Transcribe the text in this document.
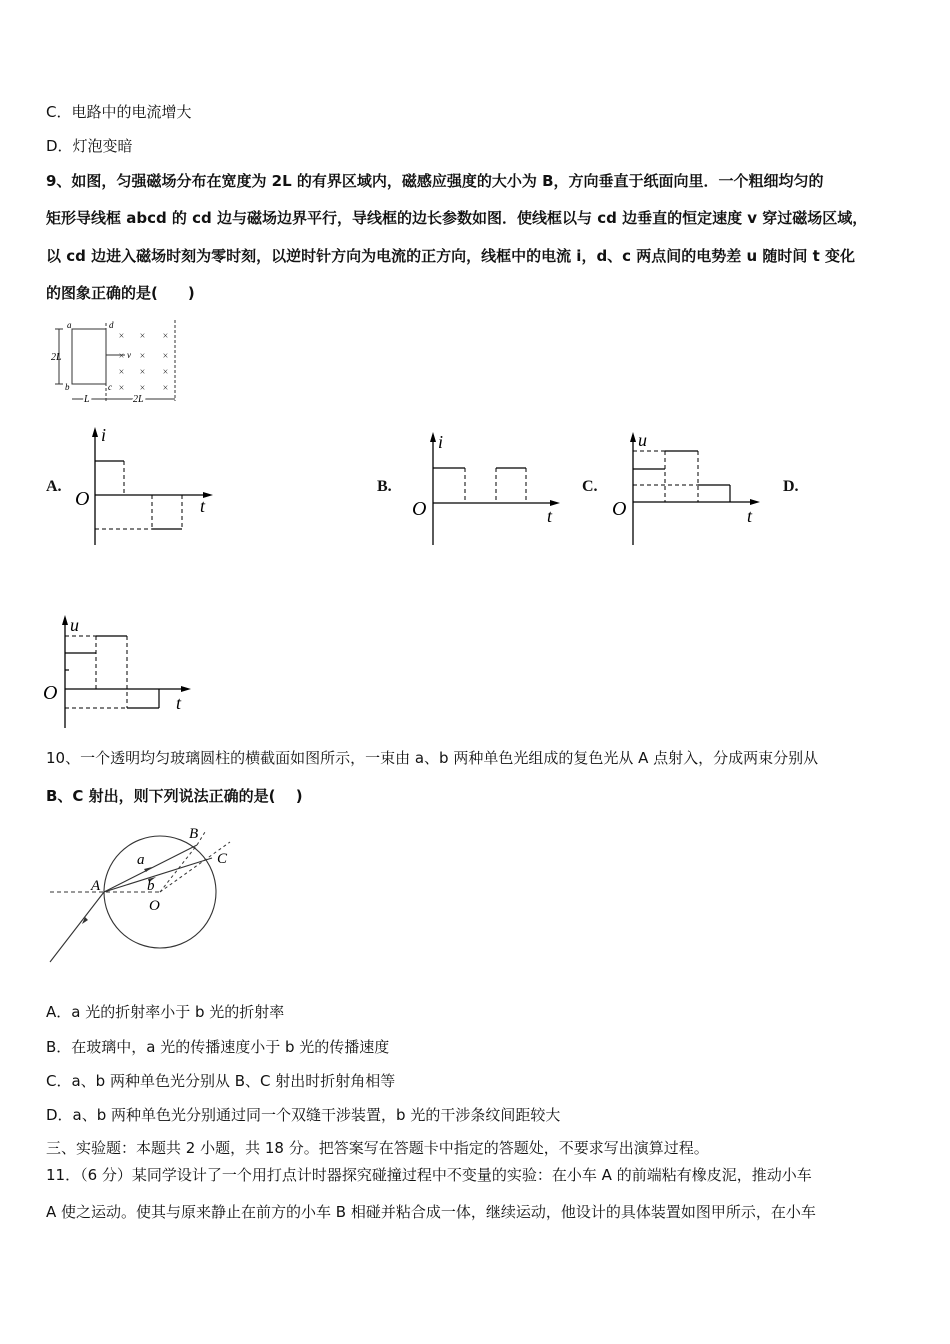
C．电路中的电流增大
D．灯泡变暗
9、如图，匀强磁场分布在宽度为 2L 的有界区域内，磁感应强度的大小为 B，方向垂直于纸面向里．一个粗细均匀的
矩形导线框 abcd 的 cd 边与磁场边界平行，导线框的边长参数如图．使线框以与 cd 边垂直的恒定速度 v 穿过磁场区域，
以 cd 边进入磁场时刻为零时刻，以逆时针方向为电流的正方向，线框中的电流 i，d、c 两点间的电势差 u 随时间 t 变化
的图象正确的是(　　)
a	d
b	c
2L	v
× × ×
× × ×
× × ×
× × ×
L	2L
A.
i
O	t
B.
i
O	t
C.
u
O	t
D.
u
O	t
10、一个透明均匀玻璃圆柱的横截面如图所示，一束由 a、b 两种单色光组成的复色光从 A 点射入，分成两束分别从
B、C 射出，则下列说法正确的是(　 )
A
B
C
O
a
b
A．a 光的折射率小于 b 光的折射率
B．在玻璃中，a 光的传播速度小于 b 光的传播速度
C．a、b 两种单色光分别从 B、C 射出时折射角相等
D．a、b 两种单色光分别通过同一个双缝干涉装置，b 光的干涉条纹间距较大
三、实验题：本题共 2 小题，共 18 分。把答案写在答题卡中指定的答题处，不要求写出演算过程。
11．（6 分）某同学设计了一个用打点计时器探究碰撞过程中不变量的实验：在小车 A 的前端粘有橡皮泥，推动小车
A 使之运动。使其与原来静止在前方的小车 B 相碰并粘合成一体，继续运动，他设计的具体装置如图甲所示，在小车
